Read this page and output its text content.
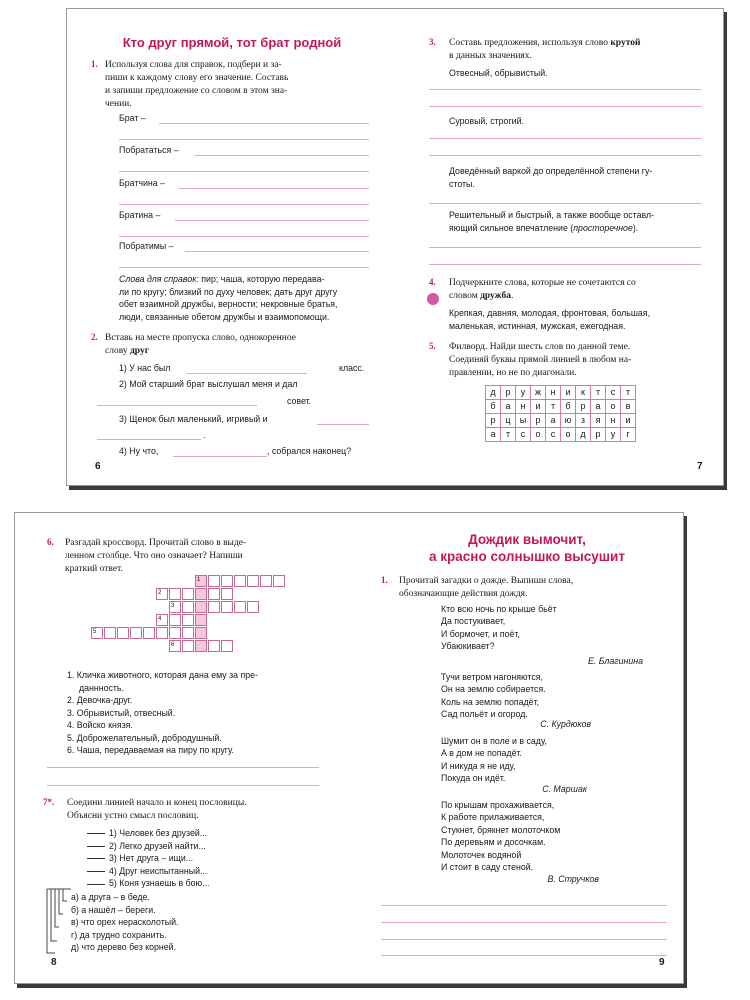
Кто друг прямой, тот брат родной
1. Используя слова для справок, подбери и за-
пиши к каждому слову его значение. Составь
и запиши предложение со словом в этом зна-
чении.
Брат –
Побрататься –
Братчина –
Братина –
Побратимы –
Слова для справок: пир; чаша, которую передава-
ли по кругу; близкий по духу человек; дать друг другу
обет взаимной дружбы, верности; некровные братья,
люди, связанные обетом дружбы и взаимопомощи.
2. Вставь на месте пропуска слово, однокоренное
слову друг
1) У нас был	класс.
2) Мой старший брат выслушал меня и дал
совет.
3) Щенок был маленький, игривый и
.
4) Ну что,	, собрался наконец?
6
3. Составь предложения, используя слово крутой
в данных значениях.
Отвесный, обрывистый.
Суровый, строгий.
Доведённый варкой до определённой степени гу-
стоты.
Решительный и быстрый, а также вообще оставл-
яющий сильное впечатление (просторечное).
4. Подчеркните слова, которые не сочетаются со
словом дружба.
Крепкая, давняя, молодая, фронтовая, большая,
маленькая, истинная, мужская, ежегодная.
5. Филворд. Найди шесть слов по данной теме.
Соединяй буквы прямой линией в любом на-
правлении, но не по диагонали.
д	р	у	ж	н	и	к	т	с	т
б	а	н	и	т	б	р	а	о	в
р	ц	ы	р	а	ю	з	я	н	и
а	т	с	о	с	о	д	р	у	г
7
6. Разгадай кроссворд. Прочитай слово в выде-
ленном столбце. Что оно означает? Напиши
краткий ответ.
1
2
3
4
5
6
1. Кличка животного, которая дана ему за пре-
даннность.
2. Девочка-друг.
3. Обрывистый, отвесный.
4. Войско князя.
5. Доброжелательный, добродушный.
6. Чаша, передаваемая на пиру по кругу.
7*. Соедини линией начало и конец пословицы.
Объясни устно смысл пословиц.
1) Человек без друзей...
2) Легко друзей найти...
3) Нет друга – ищи...
4) Друг неиспытанный...
5) Коня узнаешь в бою...
а) а друга – в беде.
б) а нашёл – береги.
в) что орех нерасколотый.
г) да трудно сохранить.
д) что дерево без корней.
8
Дождик вымочит,
а красно солнышко высушит
1. Прочитай загадки о дожде. Выпиши слова,
обозначающие действия дождя.
Кто всю ночь по крыше бьёт
Да постукивает,
И бормочет, и поёт,
Убаюкивает?
Е. Благинина
Тучи ветром нагоняются,
Он на землю собирается.
Коль на землю попадёт,
Сад польёт и огород.
С. Курдюков
Шумит он в поле и в саду,
А в дом не попадёт.
И никуда я не иду,
Покуда он идёт.
С. Маршак
По крышам прохаживается,
К работе прилаживается,
Стукнет, брякнет молоточком
По деревьям и досочкам.
Молоточек водяной
И стоит в саду стеной.
В. Стручков
9
